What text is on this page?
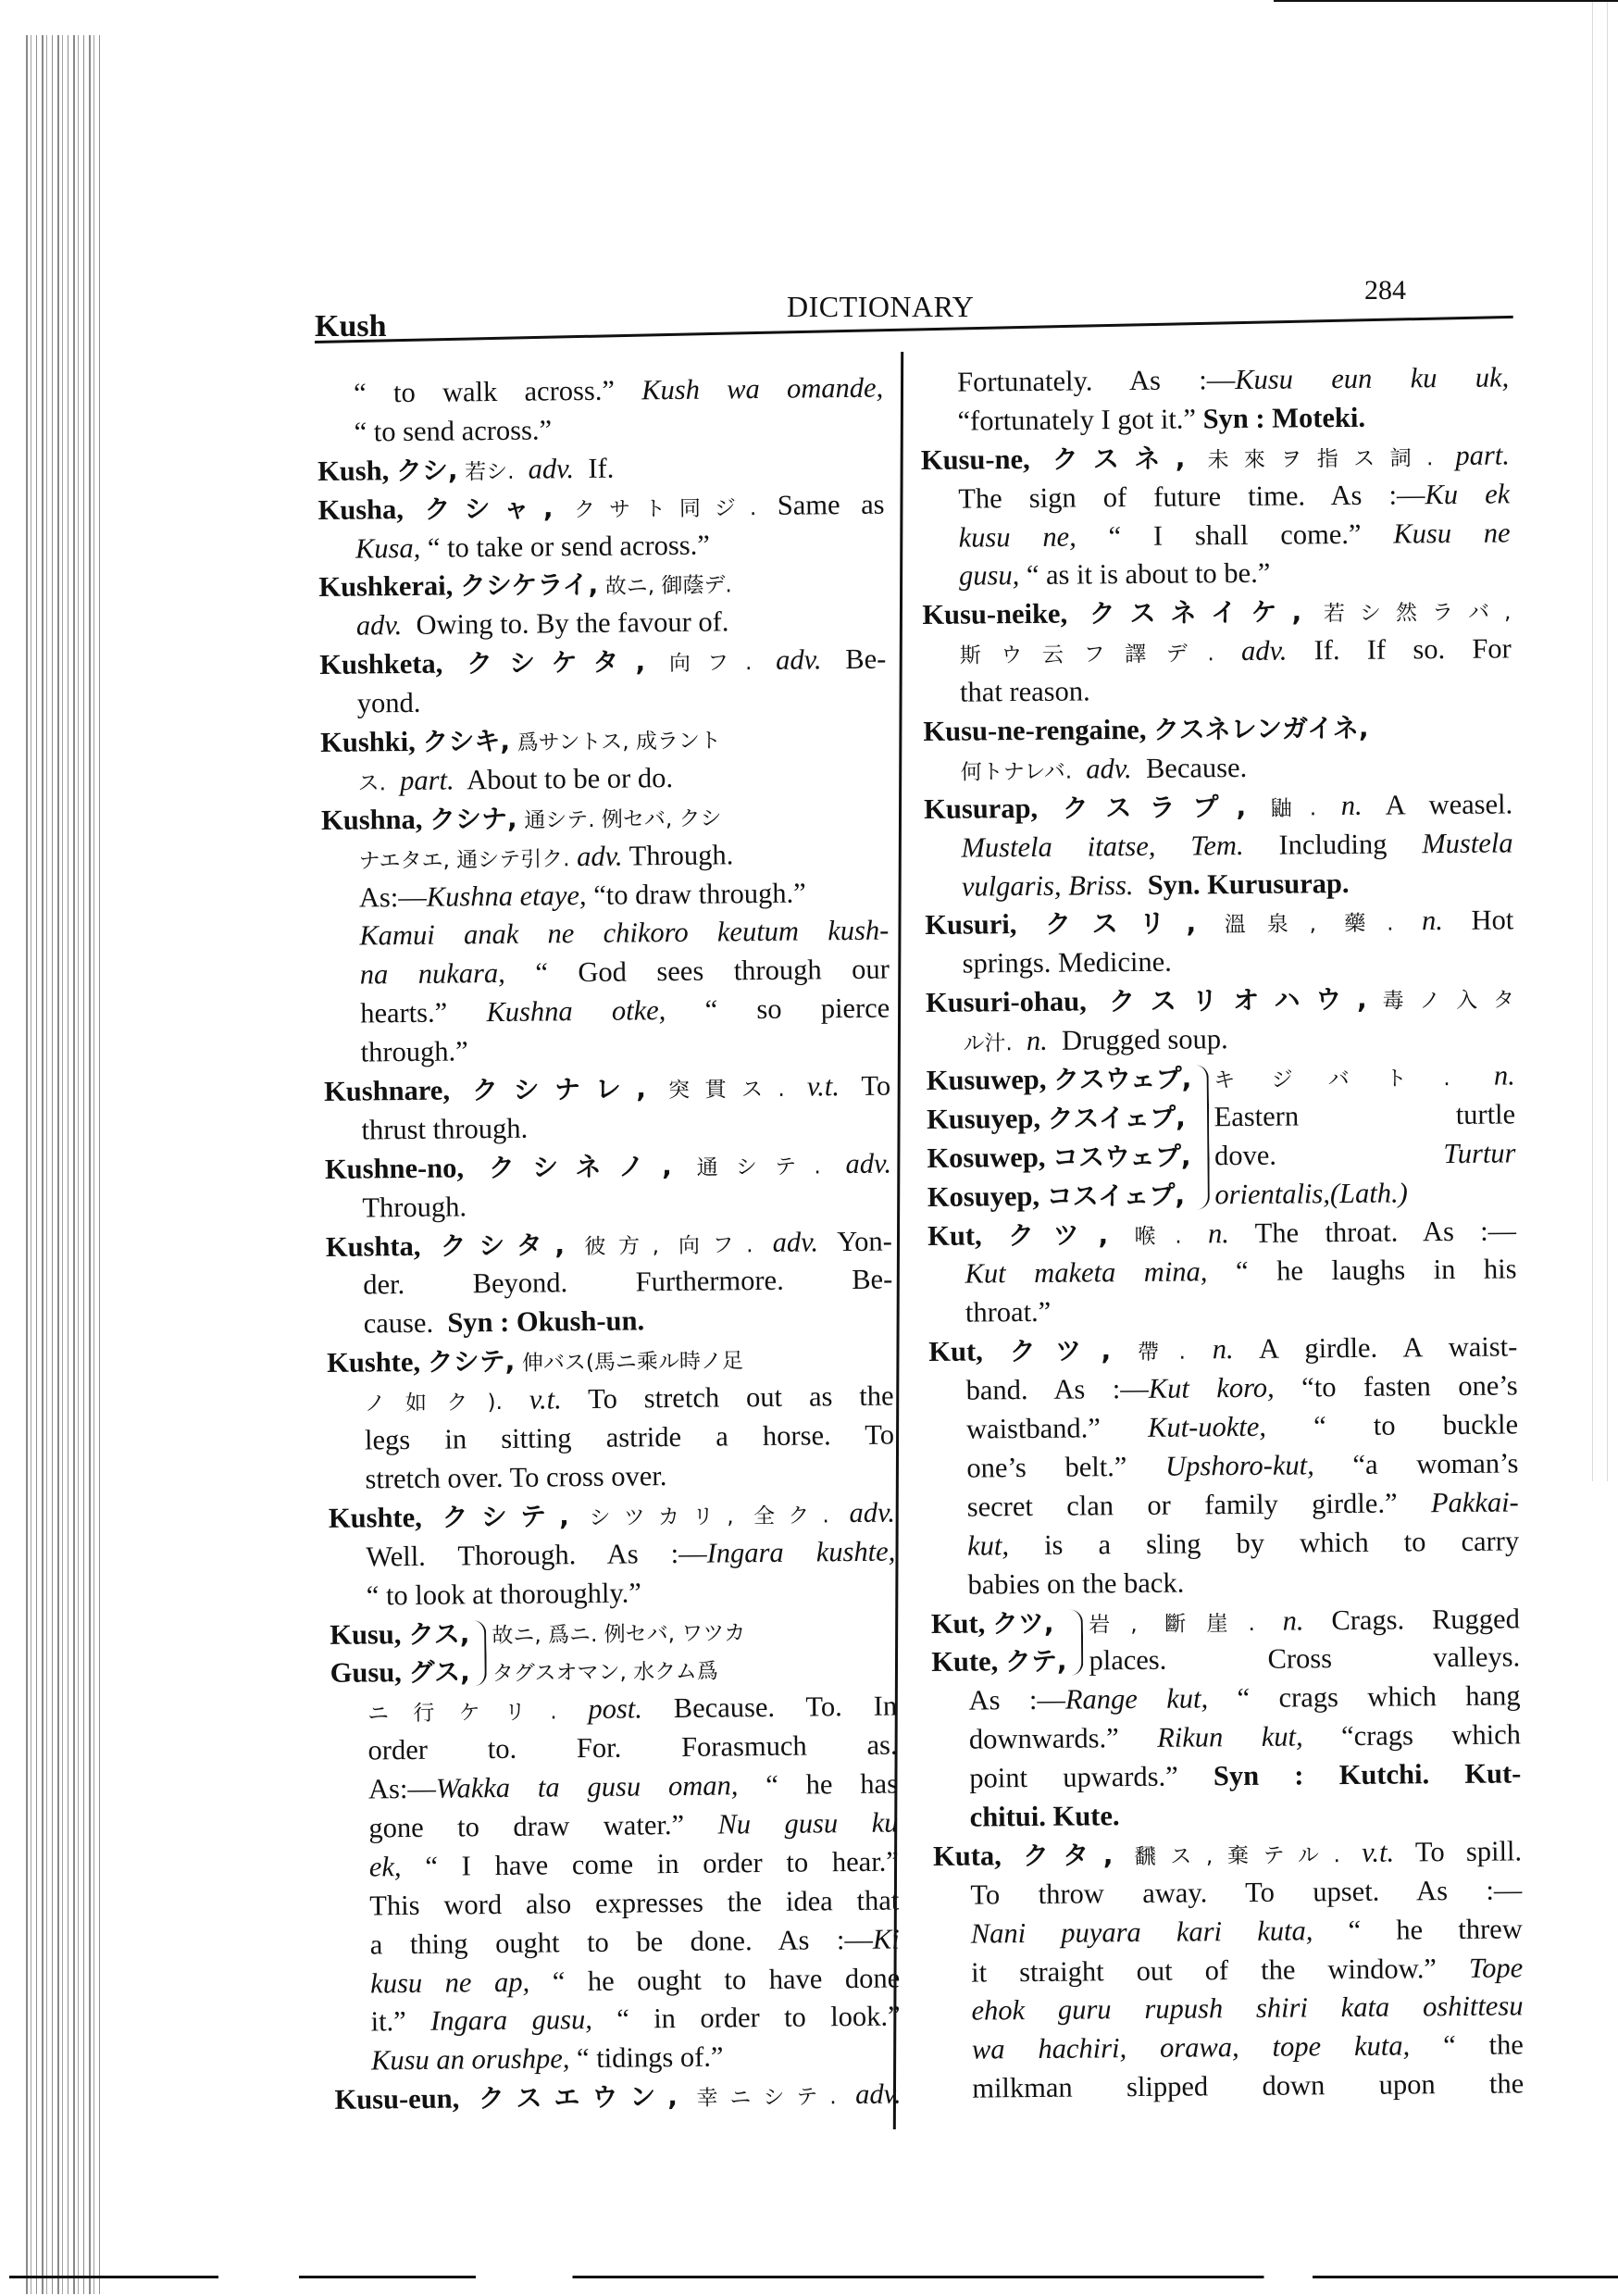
Kush
DICTIONARY	284
“ to walk across.” Kush wa omande,
“ to send across.”
Kush, クシ, 若シ. adv. If.
Kusha, クシャ, クサト同ジ. Same as
Kusa, “ to take or send across.”
Kushkerai, クシケライ, 故ニ, 御蔭デ.
adv. Owing to. By the favour of.
Kushketa, クシケタ, 向フ. adv. Be-
yond.
Kushki, クシキ, 爲サントス, 成ラント
ス. part. About to be or do.
Kushna, クシナ, 通シテ. 例セバ, クシ
ナエタエ, 通シテ引ク. adv. Through.
As:—Kushna etaye, “to draw through.”
Kamui anak ne chikoro keutum kush-
na nukara, “ God sees through our
hearts.” Kushna otke, “ so pierce
through.”
Kushnare, クシナレ, 突貫ス. v.t. To
thrust through.
Kushne-no, クシネノ, 通シテ. adv.
Through.
Kushta, クシタ, 彼方, 向フ. adv. Yon-
der. Beyond. Furthermore. Be-
cause. Syn : Okush-un.
Kushte, クシテ, 伸バス(馬ニ乘ル時ノ足
ノ如ク). v.t. To stretch out as the
legs in sitting astride a horse. To
stretch over. To cross over.
Kushte, クシテ, シツカリ, 全ク. adv.
Well. Thorough. As :—Ingara kushte,
“ to look at thoroughly.”
Kusu, クス,
Gusu, グス,
故ニ, 爲ニ. 例セバ, ワツカ
タグスオマン, 水クム爲
ニ行ケリ. post. Because. To. In
order to. For. Forasmuch as.
As:—Wakka ta gusu oman, “ he has
gone to draw water.” Nu gusu ku
ek, “ I have come in order to hear.”
This word also expresses the idea that
a thing ought to be done. As :—Ki
kusu ne ap, “ he ought to have done
it.” Ingara gusu, “ in order to look.”
Kusu an orushpe, “ tidings of.”
Kusu-eun, クスエウン, 幸ニシテ. adv.
Fortunately. As :—Kusu eun ku uk,
“fortunately I got it.” Syn : Moteki.
Kusu-ne, クスネ, 未來ヲ指ス詞. part.
The sign of future time. As :—Ku ek
kusu ne, “ I shall come.” Kusu ne
gusu, “ as it is about to be.”
Kusu-neike, クスネイケ, 若シ然ラバ,
斯ウ云フ譯デ. adv. If. If so. For
that reason.
Kusu-ne-rengaine, クスネレンガイネ,
何トナレバ. adv. Because.
Kusurap, クスラプ, 鼬. n. A weasel.
Mustela itatse, Tem. Including Mustela
vulgaris, Briss. Syn. Kurusurap.
Kusuri, クスリ, 溫泉, 藥. n. Hot
springs. Medicine.
Kusuri-ohau, クスリオハウ,毒ノ入タ
ル汁. n. Drugged soup.
Kusuwep, クスウェプ,
Kusuyep, クスイェプ,
Kosuwep, コスウェプ,
Kosuyep, コスイェプ,
キジバト. n.
Eastern turtle
dove.	Turtur
orientalis,(Lath.)
Kut, クツ, 喉. n. The throat. As :—
Kut maketa mina, “ he laughs in his
throat.”
Kut, クツ, 帶. n. A girdle. A waist-
band. As :—Kut koro, “to fasten one’s
waistband.” Kut-uokte, “ to buckle
one’s belt.” Upshoro-kut, “a woman’s
secret clan or family girdle.” Pakkai-
kut, is a sling by which to carry
babies on the back.
Kut, クツ,
Kute, クテ,
岩, 斷崖. n. Crags. Rugged
places. Cross valleys.
As :—Range kut, “ crags which hang
downwards.” Rikun kut, “crags which
point upwards.” Syn : Kutchi. Kut-
chitui. Kute.
Kuta, クタ, 飜ス,棄テル. v.t. To spill.
To throw away. To upset. As :—
Nani puyara kari kuta, “ he threw
it straight out of the window.” Tope
ehok guru rupush shiri kata oshittesu
wa hachiri, orawa, tope kuta, “ the
milkman slipped down upon the
